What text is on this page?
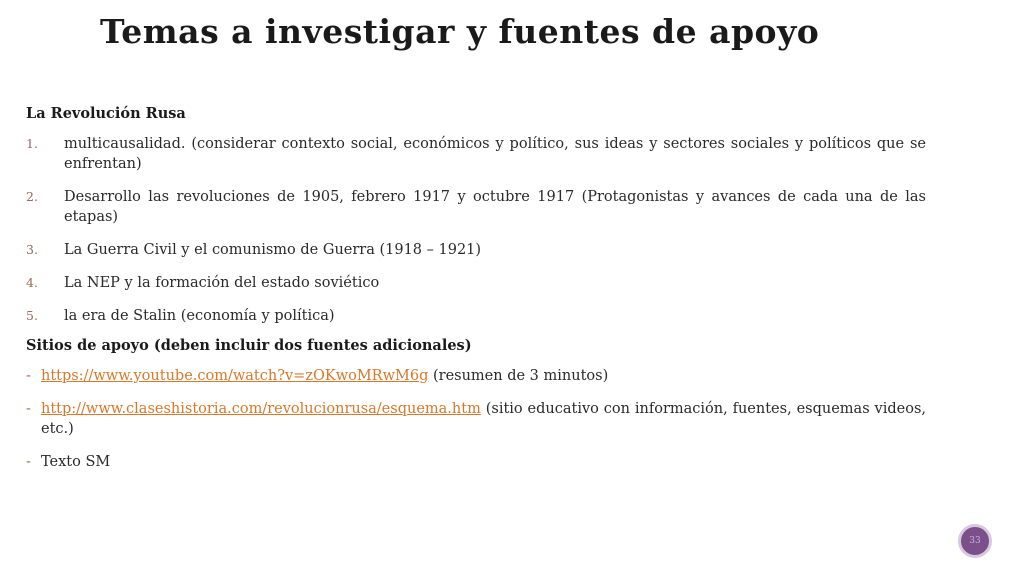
Temas a investigar y fuentes de apoyo
La Revolución Rusa
1.	multicausalidad. (considerar contexto social, económicos y político, sus ideas y sectores sociales y políticos que se enfrentan)
2.	Desarrollo las revoluciones de 1905, febrero 1917 y octubre 1917 (Protagonistas y avances de cada una de las etapas)
3.	La Guerra Civil y el comunismo de Guerra (1918 – 1921)
4.	La NEP y la formación del estado soviético
5.	la era de Stalin (economía y política)
Sitios de apoyo (deben incluir dos fuentes adicionales)
- https://www.youtube.com/watch?v=zOKwoMRwM6g (resumen de 3 minutos)
- http://www.claseshistoria.com/revolucionrusa/esquema.htm (sitio educativo con información, fuentes, esquemas videos, etc.)
- Texto SM
33
